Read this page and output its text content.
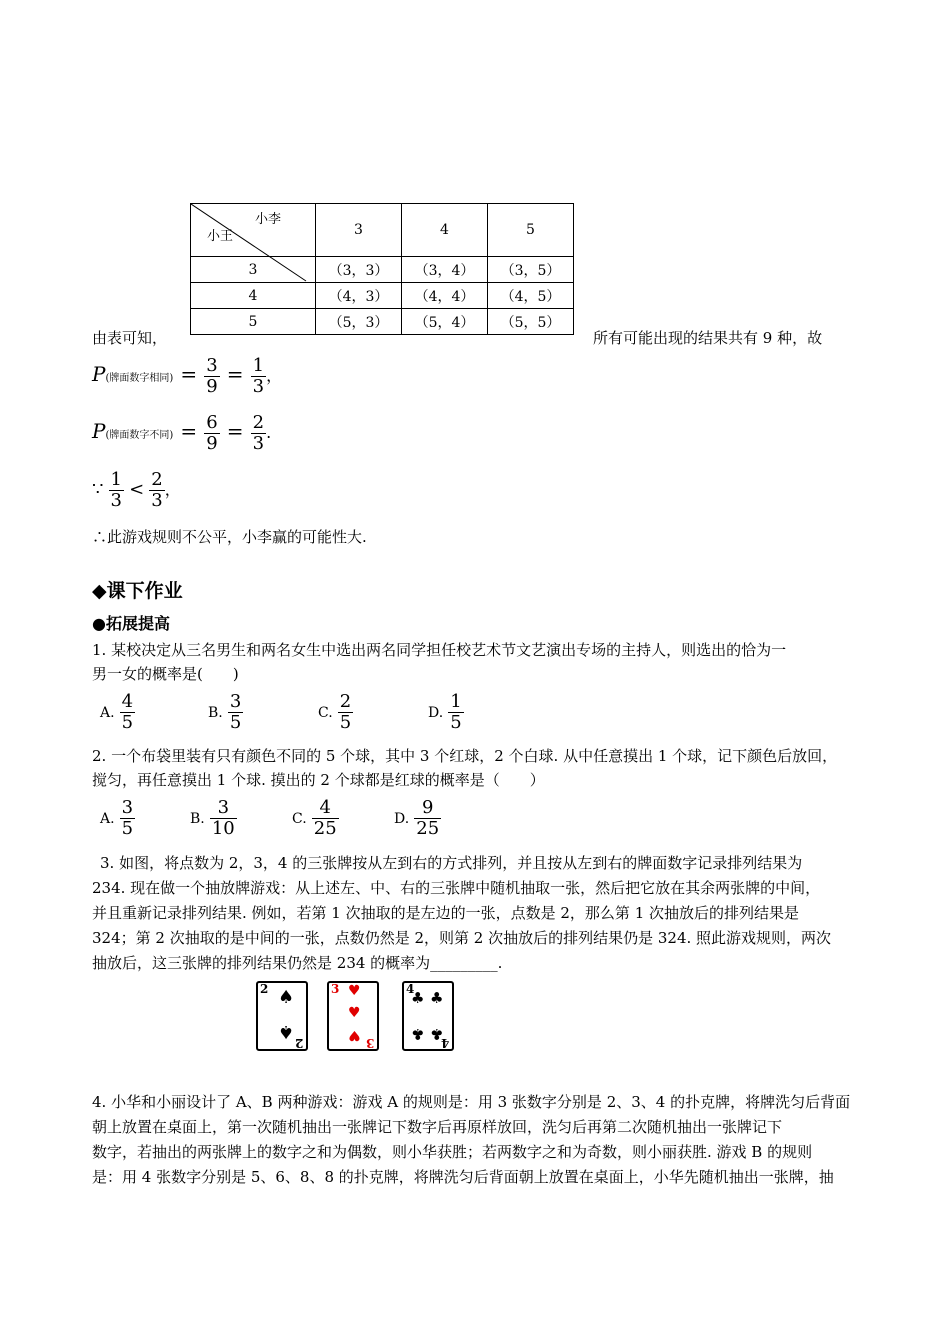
小李
小王	3	4	5
3	（3，3）	（3，4）	（3，5）
4	（4，3）	（4，4）	（4，5）
5	（5，3）	（5，4）	（5，5）
由表可知，	所有可能出现的结果共有 9 种，故
P(牌面数字相同) = $\frac{3}{9} = \frac{1}{3}$ ，
P(牌面数字不同) = $\frac{6}{9} = \frac{2}{3}$ .
∵ $\frac{1}{3} < \frac{2}{3}$ ，
∴此游戏规则不公平，小李赢的可能性大.
◆课下作业
●拓展提高
1. 某校决定从三名男生和两名女生中选出两名同学担任校艺术节文艺演出专场的主持人，则选出的恰为一
男一女的概率是(　　)
A. $\frac{4}{5}$	B. $\frac{3}{5}$	C. $\frac{2}{5}$	D. $\frac{1}{5}$
2. 一个布袋里装有只有颜色不同的 5 个球，其中 3 个红球，2 个白球. 从中任意摸出 1 个球，记下颜色后放回，
搅匀，再任意摸出 1 个球. 摸出的 2 个球都是红球的概率是（　　）
A. $\frac{3}{5}$	B. $\frac{3}{10}$	C. $\frac{4}{25}$	D. $\frac{9}{25}$
3. 如图，将点数为 2，3，4 的三张牌按从左到右的方式排列，并且按从左到右的牌面数字记录排列结果为
234. 现在做一个抽放牌游戏：从上述左、中、右的三张牌中随机抽取一张，然后把它放在其余两张牌的中间，
并且重新记录排列结果. 例如，若第 1 次抽取的是左边的一张，点数是 2，那么第 1 次抽放后的排列结果是
324；第 2 次抽取的是中间的一张，点数仍然是 2，则第 2 次抽放后的排列结果仍是 324. 照此游戏规则，两次
抽放后，这三张牌的排列结果仍然是 234 的概率为_________.
2 ♠
♠
2
3 ♥
♥
♥ 3
4
♣ ♣
♣ ♣
4
4. 小华和小丽设计了 A、B 两种游戏：游戏 A 的规则是：用 3 张数字分别是 2、3、4 的扑克牌，将牌洗匀后背面
朝上放置在桌面上，第一次随机抽出一张牌记下数字后再原样放回，洗匀后再第二次随机抽出一张牌记下
数字，若抽出的两张牌上的数字之和为偶数，则小华获胜；若两数字之和为奇数，则小丽获胜. 游戏 B 的规则
是：用 4 张数字分别是 5、6、8、8 的扑克牌，将牌洗匀后背面朝上放置在桌面上，小华先随机抽出一张牌，抽
